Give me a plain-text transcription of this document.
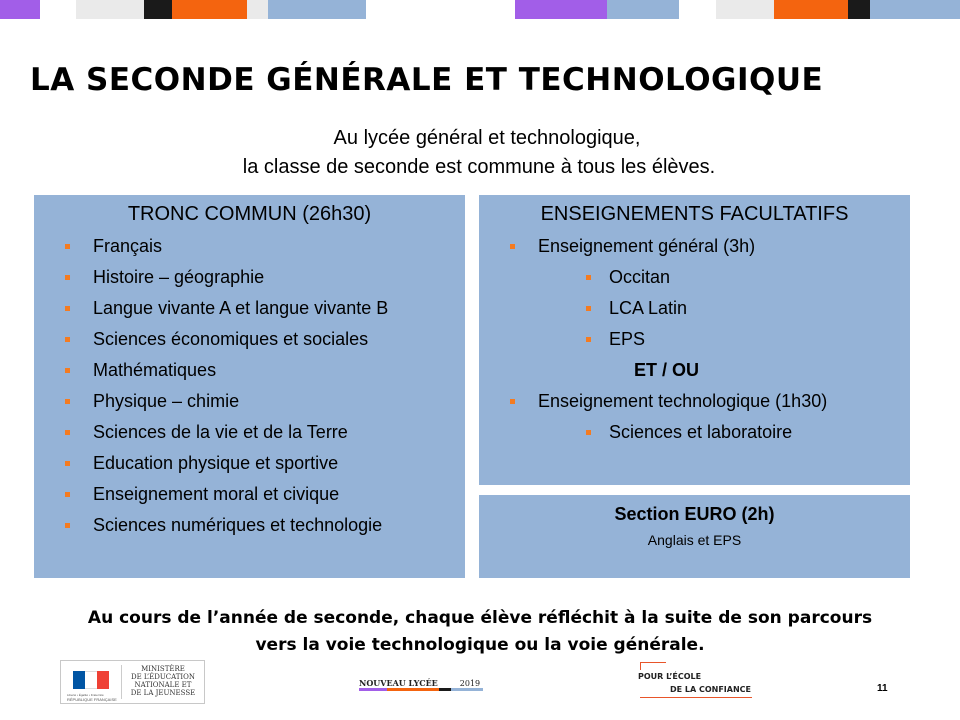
LA SECONDE GÉNÉRALE ET TECHNOLOGIQUE
Au lycée général et technologique,
la classe de seconde est commune à tous les élèves.
TRONC COMMUN (26h30)
Français
Histoire – géographie
Langue vivante A et langue vivante B
Sciences économiques et sociales
Mathématiques
Physique – chimie
Sciences de la vie et de la Terre
Education physique et sportive
Enseignement moral et civique
Sciences numériques et technologie
ENSEIGNEMENTS FACULTATIFS
Enseignement général (3h)
Occitan
LCA Latin
EPS
ET / OU
Enseignement technologique (1h30)
Sciences et laboratoire
Section EURO (2h)
Anglais et EPS
Au cours de l’année de seconde, chaque élève réfléchit à la suite de son parcours
vers la voie technologique ou la voie générale.
Liberté • Égalité • Fraternité
RÉPUBLIQUE FRANÇAISE
MINISTÈRE
DE L’ÉDUCATION
NATIONALE ET
DE LA JEUNESSE
NOUVEAU LYCÉE	2019
POUR L’ÉCOLE
DE LA CONFIANCE	11
